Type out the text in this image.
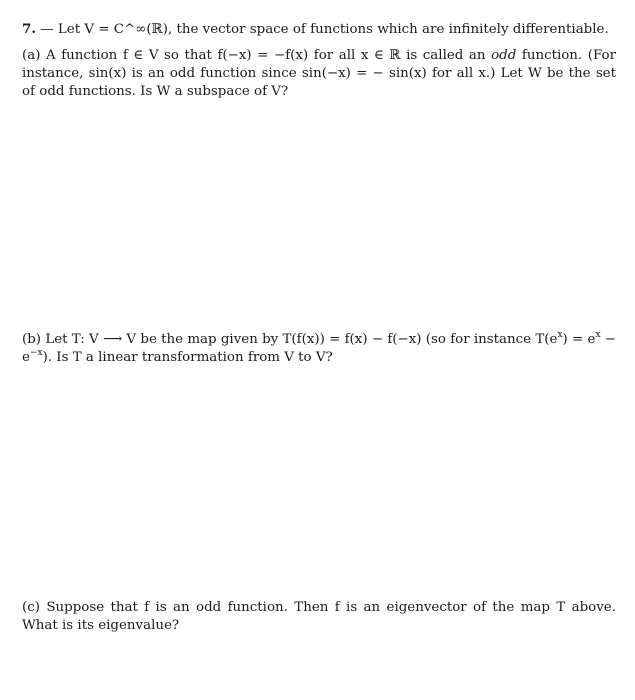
7. — Let V = C^∞(ℝ), the vector space of functions which are infinitely differentiable.
(a) A function f ∈ V so that f(−x) = −f(x) for all x ∈ ℝ is called an odd function. (For instance, sin(x) is an odd function since sin(−x) = − sin(x) for all x.) Let W be the set of odd functions. Is W a subspace of V?
(b) Let T: V ⟶ V be the map given by T(f(x)) = f(x) − f(−x) (so for instance $T(e^x) = e^x - e^{-x}$). Is T a linear transformation from V to V?
(c) Suppose that f is an odd function. Then f is an eigenvector of the map T above. What is its eigenvalue?
